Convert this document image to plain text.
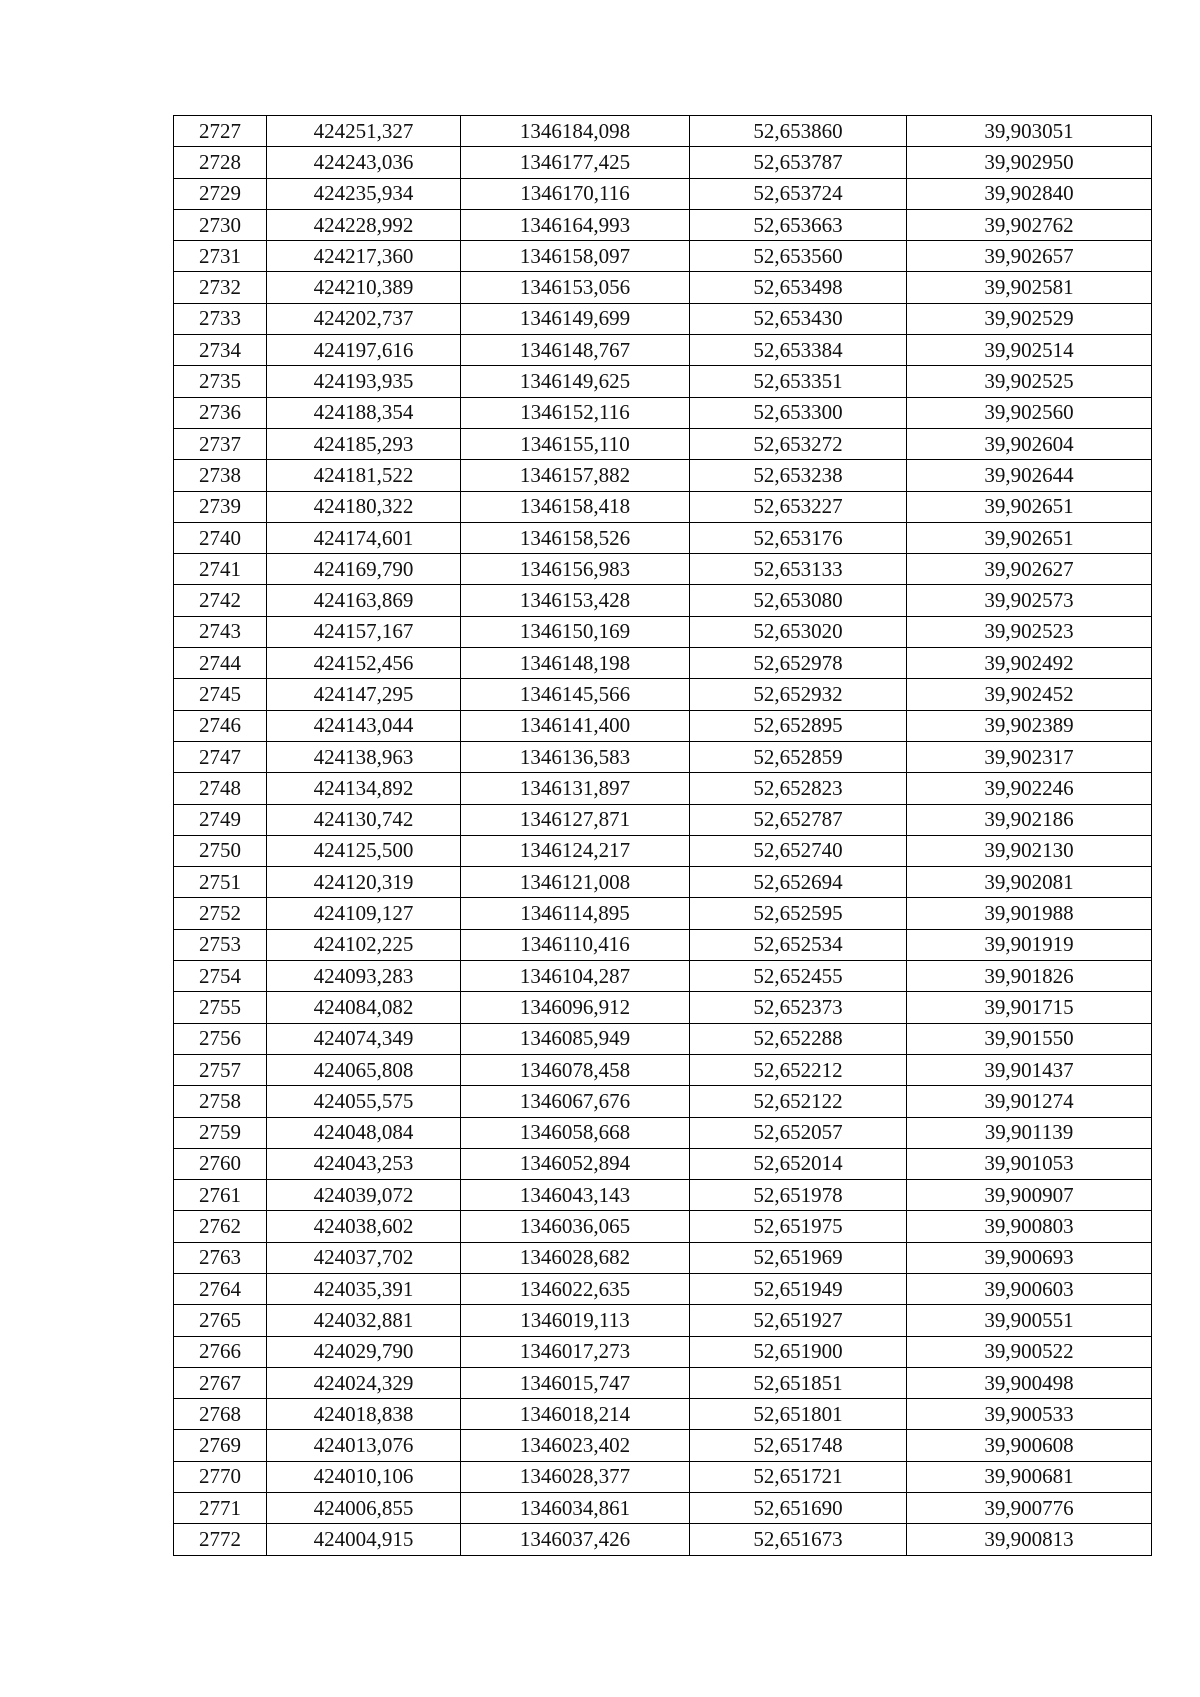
2727	424251,327	1346184,098	52,653860	39,903051
2728	424243,036	1346177,425	52,653787	39,902950
2729	424235,934	1346170,116	52,653724	39,902840
2730	424228,992	1346164,993	52,653663	39,902762
2731	424217,360	1346158,097	52,653560	39,902657
2732	424210,389	1346153,056	52,653498	39,902581
2733	424202,737	1346149,699	52,653430	39,902529
2734	424197,616	1346148,767	52,653384	39,902514
2735	424193,935	1346149,625	52,653351	39,902525
2736	424188,354	1346152,116	52,653300	39,902560
2737	424185,293	1346155,110	52,653272	39,902604
2738	424181,522	1346157,882	52,653238	39,902644
2739	424180,322	1346158,418	52,653227	39,902651
2740	424174,601	1346158,526	52,653176	39,902651
2741	424169,790	1346156,983	52,653133	39,902627
2742	424163,869	1346153,428	52,653080	39,902573
2743	424157,167	1346150,169	52,653020	39,902523
2744	424152,456	1346148,198	52,652978	39,902492
2745	424147,295	1346145,566	52,652932	39,902452
2746	424143,044	1346141,400	52,652895	39,902389
2747	424138,963	1346136,583	52,652859	39,902317
2748	424134,892	1346131,897	52,652823	39,902246
2749	424130,742	1346127,871	52,652787	39,902186
2750	424125,500	1346124,217	52,652740	39,902130
2751	424120,319	1346121,008	52,652694	39,902081
2752	424109,127	1346114,895	52,652595	39,901988
2753	424102,225	1346110,416	52,652534	39,901919
2754	424093,283	1346104,287	52,652455	39,901826
2755	424084,082	1346096,912	52,652373	39,901715
2756	424074,349	1346085,949	52,652288	39,901550
2757	424065,808	1346078,458	52,652212	39,901437
2758	424055,575	1346067,676	52,652122	39,901274
2759	424048,084	1346058,668	52,652057	39,901139
2760	424043,253	1346052,894	52,652014	39,901053
2761	424039,072	1346043,143	52,651978	39,900907
2762	424038,602	1346036,065	52,651975	39,900803
2763	424037,702	1346028,682	52,651969	39,900693
2764	424035,391	1346022,635	52,651949	39,900603
2765	424032,881	1346019,113	52,651927	39,900551
2766	424029,790	1346017,273	52,651900	39,900522
2767	424024,329	1346015,747	52,651851	39,900498
2768	424018,838	1346018,214	52,651801	39,900533
2769	424013,076	1346023,402	52,651748	39,900608
2770	424010,106	1346028,377	52,651721	39,900681
2771	424006,855	1346034,861	52,651690	39,900776
2772	424004,915	1346037,426	52,651673	39,900813
